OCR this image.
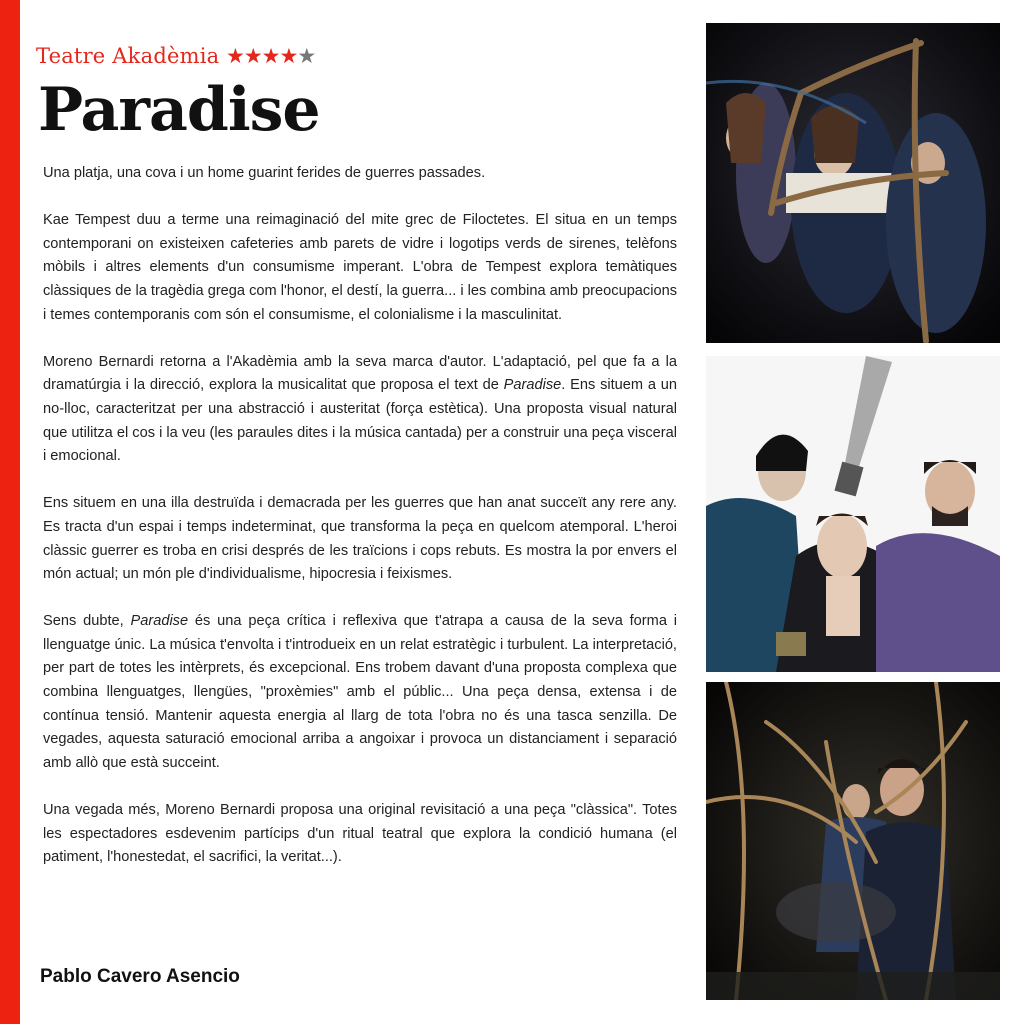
Teatre Akadèmia ★★★★★
Paradise

Una platja, una cova i un home guarint ferides de guerres passades.

Kae Tempest duu a terme una reimaginació del mite grec de Filoctetes. El situa en un temps contemporani on existeixen cafeteries amb parets de vidre i logotips verds de sirenes, telèfons mòbils i altres elements d'un consumisme imperant. L'obra de Tempest explora temàtiques clàssiques de la tragèdia grega com l'honor, el destí, la guerra... i les combina amb preocupacions i temes contemporanis com són el consumisme, el colonialisme i la masculinitat.

Moreno Bernardi retorna a l'Akadèmia amb la seva marca d'autor. L'adaptació, pel que fa a la dramatúrgia i la direcció, explora la musicalitat que proposa el text de Paradise. Ens situem a un no-lloc, caracteritzat per una abstracció i austeritat (força estètica). Una proposta visual natural que utilitza el cos i la veu (les paraules dites i la música cantada) per a construir una peça visceral i emocional.

Ens situem en una illa destruïda i demacrada per les guerres que han anat succeït any rere any. Es tracta d'un espai i temps indeterminat, que transforma la peça en quelcom atemporal. L'heroi clàssic guerrer es troba en crisi després de les traïcions i cops rebuts. Es mostra la por envers el món actual; un món ple d'individualisme, hipocresia i feixismes.

Sens dubte, Paradise és una peça crítica i reflexiva que t'atrapa a causa de la seva forma i llenguatge únic. La música t'envolta i t'introdueix en un relat estratègic i turbulent. La interpretació, per part de totes les intèrprets, és excepcional. Ens trobem davant d'una proposta complexa que combina llenguatges, llengües, "proxèmies" amb el públic... Una peça densa, extensa i de contínua tensió. Mantenir aquesta energia al llarg de tota l'obra no és una tasca senzilla. De vegades, aquesta saturació emocional arriba a angoixar i provoca un distanciament i separació amb allò que està succeint.

Una vegada més, Moreno Bernardi proposa una original revisitació a una peça "clàssica". Totes les espectadores esdevenim partícips d'un ritual teatral que explora la condició humana (el patiment, l'honestedat, el sacrifici, la veritat...).

Pablo Cavero Asencio
